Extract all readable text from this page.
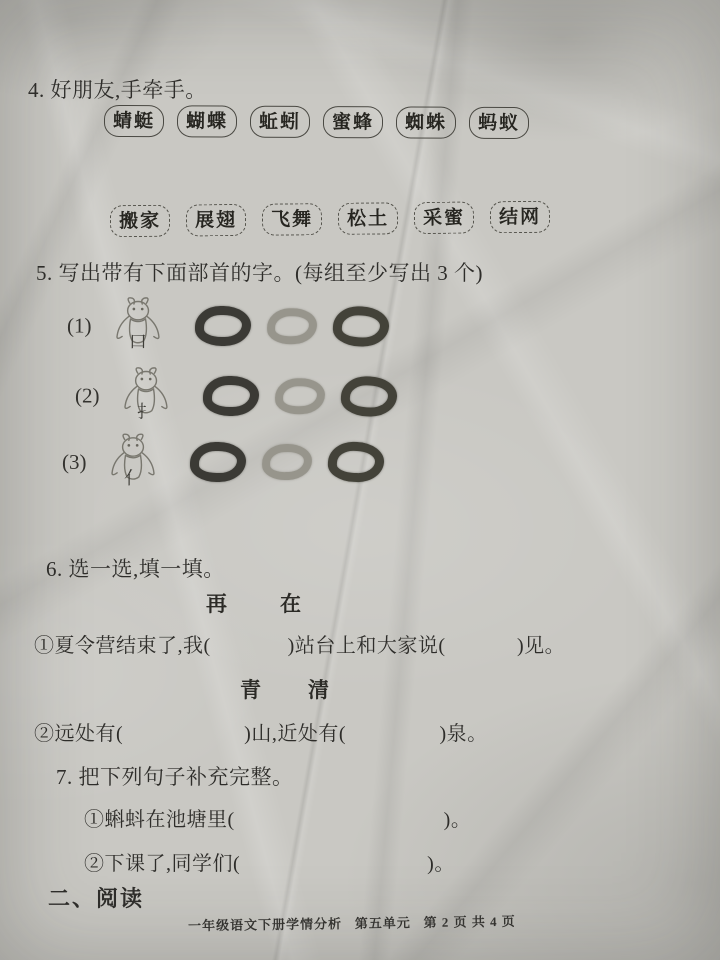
4. 好朋友,手牵手。
蜻蜓	蝴蝶	蚯蚓	蜜蜂	蜘蛛	蚂蚁
搬家	展翅	飞舞	松土	采蜜	结网
5. 写出带有下面部首的字。(每组至少写出 3 个)
(1)
口
(2)
扌
(3)
亻
6. 选一选,填一填。
再 在
①夏令营结束了,我(              )站台上和大家说(             )见。
青 清
②远处有(                      )山,近处有(                 )泉。
7. 把下列句子补充完整。
①蝌蚪在池塘里(                                      )。
②下课了,同学们(                                  )。
二、阅读
一年级语文下册学情分析   第五单元   第 2 页 共 4 页
